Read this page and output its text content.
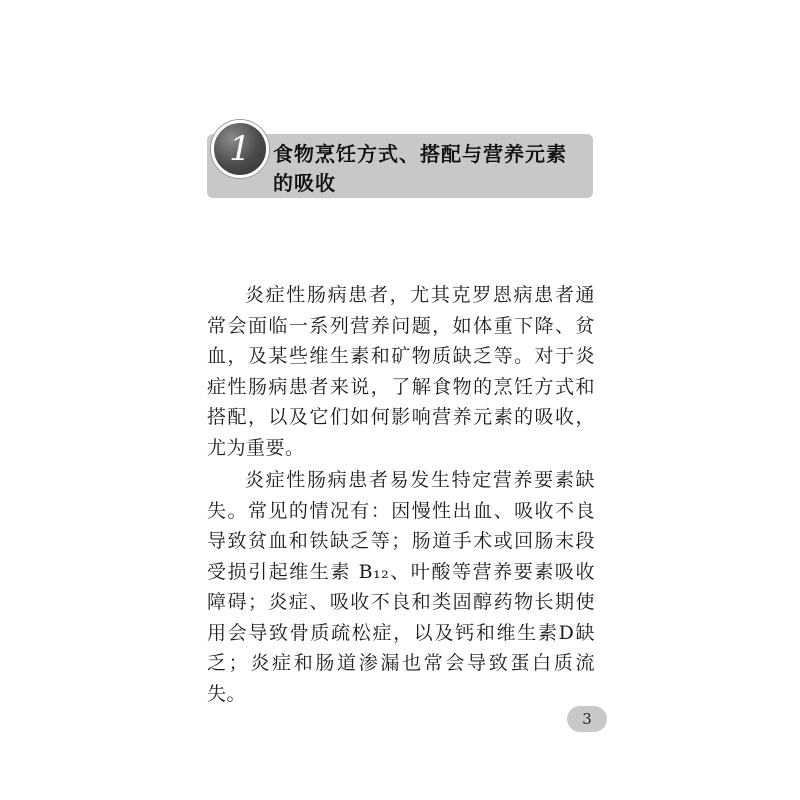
1	食物烹饪方式、搭配与营养元素的吸收

炎症性肠病患者，尤其克罗恩病患者通常会面临一系列营养问题，如体重下降、贫血，及某些维生素和矿物质缺乏等。对于炎症性肠病患者来说，了解食物的烹饪方式和搭配，以及它们如何影响营养元素的吸收，尤为重要。

炎症性肠病患者易发生特定营养要素缺失。常见的情况有：因慢性出血、吸收不良导致贫血和铁缺乏等；肠道手术或回肠末段受损引起维生素 B₁₂、叶酸等营养要素吸收障碍；炎症、吸收不良和类固醇药物长期使用会导致骨质疏松症，以及钙和维生素D缺乏；炎症和肠道渗漏也常会导致蛋白质流失。

3
